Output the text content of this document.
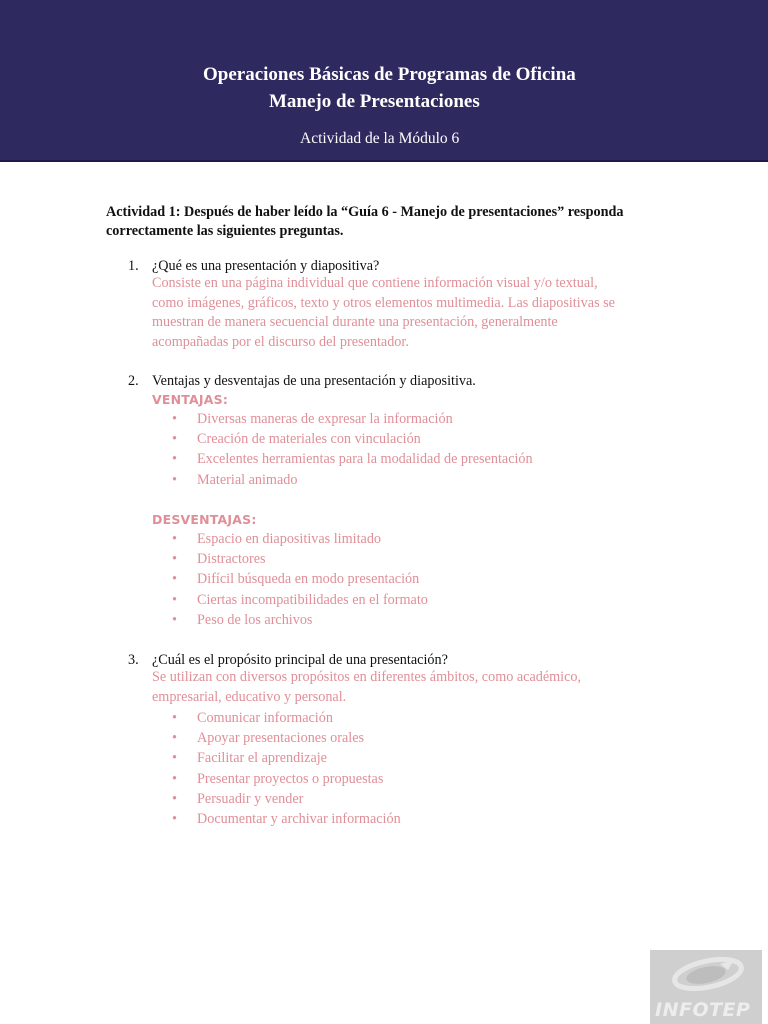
Operaciones Básicas de Programas de Oficina
Manejo de Presentaciones
Actividad de la Módulo 6

Actividad 1: Después de haber leído la “Guía 6 - Manejo de presentaciones” responda correctamente las siguientes preguntas.

1. ¿Qué es una presentación y diapositiva?
Consiste en una página individual que contiene información visual y/o textual,
como imágenes, gráficos, texto y otros elementos multimedia. Las diapositivas se
muestran de manera secuencial durante una presentación, generalmente
acompañadas por el discurso del presentador.
2. Ventajas y desventajas de una presentación y diapositiva.
VENTAJAS:
• Diversas maneras de expresar la información
• Creación de materiales con vinculación
• Excelentes herramientas para la modalidad de presentación
• Material animado
DESVENTAJAS:
• Espacio en diapositivas limitado
• Distractores
• Difícil búsqueda en modo presentación
• Ciertas incompatibilidades en el formato
• Peso de los archivos
3. ¿Cuál es el propósito principal de una presentación?
Se utilizan con diversos propósitos en diferentes ámbitos, como académico,
empresarial, educativo y personal.
• Comunicar información
• Apoyar presentaciones orales
• Facilitar el aprendizaje
• Presentar proyectos o propuestas
• Persuadir y vender
• Documentar y archivar información
INFOTEP
